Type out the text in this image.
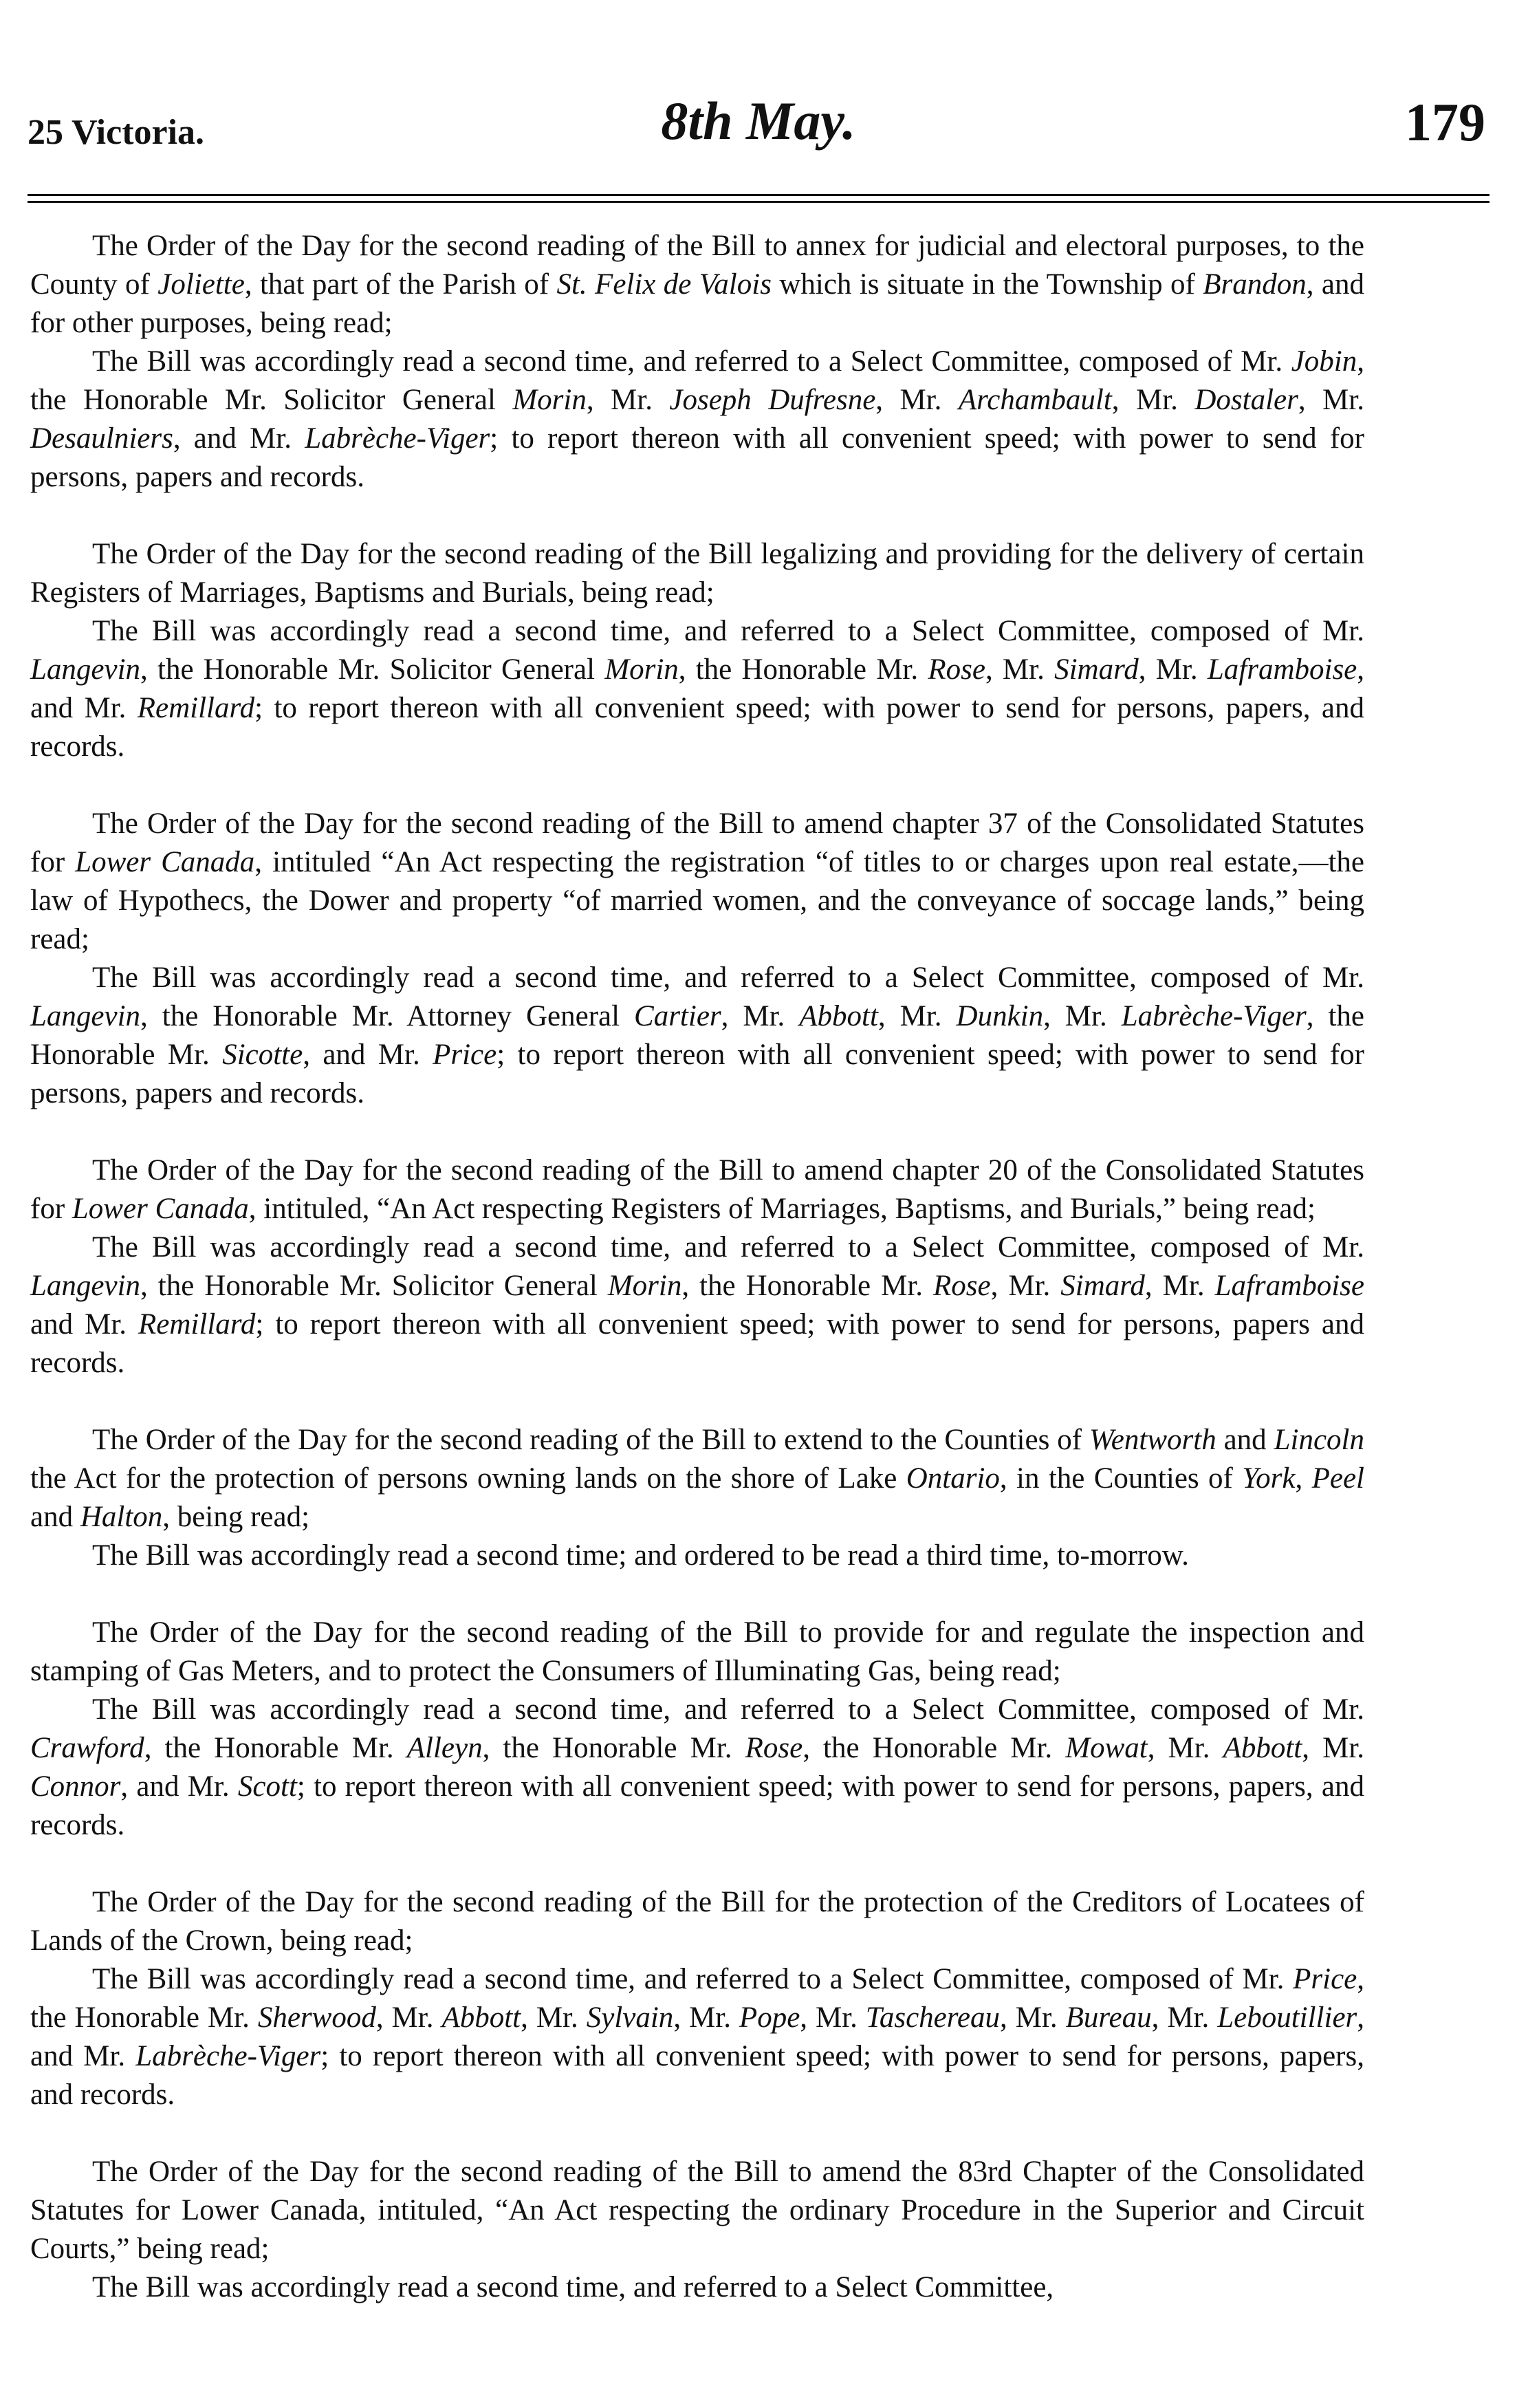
25 Victoria.	8th May.	179

The Order of the Day for the second reading of the Bill to annex for judicial and electoral purposes, to the County of Joliette, that part of the Parish of St. Felix de Valois which is situate in the Township of Brandon, and for other purposes, being read;

The Bill was accordingly read a second time, and referred to a Select Committee, composed of Mr. Jobin, the Honorable Mr. Solicitor General Morin, Mr. Joseph Dufresne, Mr. Archambault, Mr. Dostaler, Mr. Desaulniers, and Mr. Labrèche-Viger; to report thereon with all convenient speed; with power to send for persons, papers and records.

The Order of the Day for the second reading of the Bill legalizing and providing for the delivery of certain Registers of Marriages, Baptisms and Burials, being read;

The Bill was accordingly read a second time, and referred to a Select Committee, composed of Mr. Langevin, the Honorable Mr. Solicitor General Morin, the Honorable Mr. Rose, Mr. Simard, Mr. Laframboise, and Mr. Remillard; to report thereon with all convenient speed; with power to send for persons, papers, and records.

The Order of the Day for the second reading of the Bill to amend chapter 37 of the Consolidated Statutes for Lower Canada, intituled “An Act respecting the registration “of titles to or charges upon real estate,—the law of Hypothecs, the Dower and property “of married women, and the conveyance of soccage lands,” being read;

The Bill was accordingly read a second time, and referred to a Select Committee, composed of Mr. Langevin, the Honorable Mr. Attorney General Cartier, Mr. Abbott, Mr. Dunkin, Mr. Labrèche-Viger, the Honorable Mr. Sicotte, and Mr. Price; to report thereon with all convenient speed; with power to send for persons, papers and records.

The Order of the Day for the second reading of the Bill to amend chapter 20 of the Consolidated Statutes for Lower Canada, intituled, “An Act respecting Registers of Marriages, Baptisms, and Burials,” being read;

The Bill was accordingly read a second time, and referred to a Select Committee, composed of Mr. Langevin, the Honorable Mr. Solicitor General Morin, the Honorable Mr. Rose, Mr. Simard, Mr. Laframboise and Mr. Remillard; to report thereon with all convenient speed; with power to send for persons, papers and records.

The Order of the Day for the second reading of the Bill to extend to the Counties of Wentworth and Lincoln the Act for the protection of persons owning lands on the shore of Lake Ontario, in the Counties of York, Peel and Halton, being read;

The Bill was accordingly read a second time; and ordered to be read a third time, to-morrow.

The Order of the Day for the second reading of the Bill to provide for and regulate the inspection and stamping of Gas Meters, and to protect the Consumers of Illuminating Gas, being read;

The Bill was accordingly read a second time, and referred to a Select Committee, composed of Mr. Crawford, the Honorable Mr. Alleyn, the Honorable Mr. Rose, the Honorable Mr. Mowat, Mr. Abbott, Mr. Connor, and Mr. Scott; to report thereon with all convenient speed; with power to send for persons, papers, and records.

The Order of the Day for the second reading of the Bill for the protection of the Creditors of Locatees of Lands of the Crown, being read;

The Bill was accordingly read a second time, and referred to a Select Committee, composed of Mr. Price, the Honorable Mr. Sherwood, Mr. Abbott, Mr. Sylvain, Mr. Pope, Mr. Taschereau, Mr. Bureau, Mr. Leboutillier, and Mr. Labrèche-Viger; to report thereon with all convenient speed; with power to send for persons, papers, and records.

The Order of the Day for the second reading of the Bill to amend the 83rd Chapter of the Consolidated Statutes for Lower Canada, intituled, “An Act respecting the ordinary Procedure in the Superior and Circuit Courts,” being read;

The Bill was accordingly read a second time, and referred to a Select Committee,
